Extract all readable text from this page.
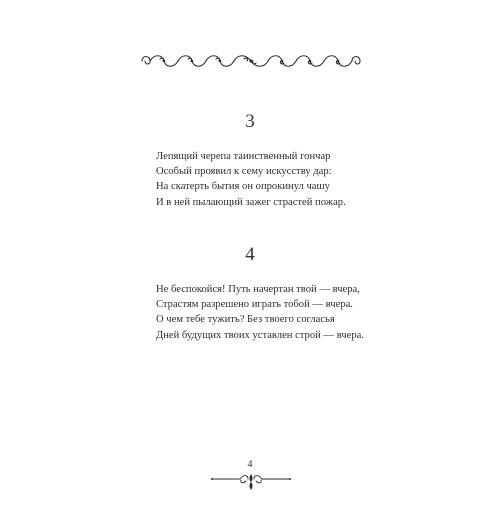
3
Лепящий черепа таинственный гончар
Особый проявил к сему искусству дар:
На скатерть бытия он опрокинул чашу
И в ней пылающий зажег страстей пожар.
4
Не беспокойся! Путь начертан твой — вчера,
Страстям разрешено играть тобой — вчера.
О чем тебе тужить? Без твоего согласья
Дней будущих твоих уставлен строй — вчера.
4
